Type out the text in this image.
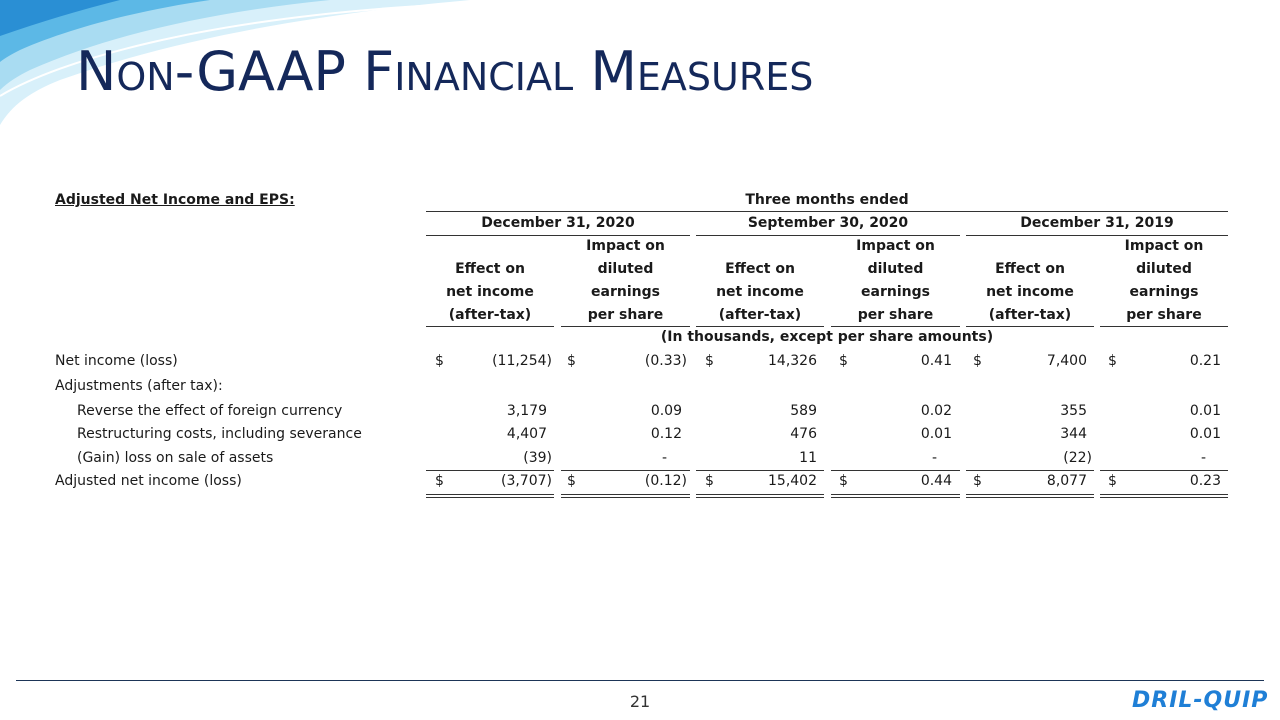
Non-GAAP Financial Measures
Adjusted Net Income and EPS:	Three months ended
December 31, 2020	September 30, 2020	December 31, 2019
Effect on
net income
(after-tax)
Impact on
diluted
earnings
per share
Effect on
net income
(after-tax)
Impact on
diluted
earnings
per share
Effect on
net income
(after-tax)
Impact on
diluted
earnings
per share
(In thousands, except per share amounts)
Net income (loss)	$	(11,254) $	(0.33) $	14,326 $	0.41 $	7,400 $	0.21
Adjustments (after tax):
Reverse the effect of foreign currency	3,179	0.09	589	0.02	355	0.01
Restructuring costs, including severance	4,407	0.12	476	0.01	344	0.01
(Gain) loss on sale of assets	(39)	-	11	-	(22)	-
Adjusted net income (loss)	$	(3,707) $	(0.12) $	15,402 $	0.44 $	8,077 $	0.23
21	DRIL-QUIP
